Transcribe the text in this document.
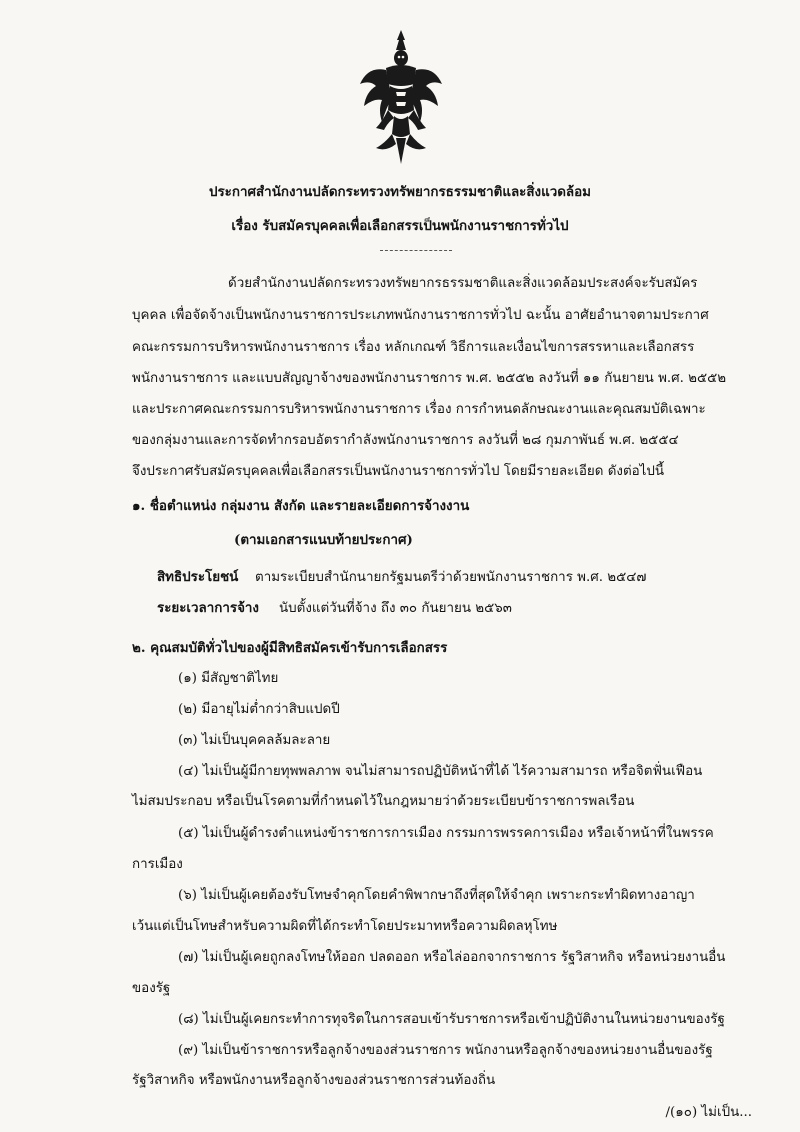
ประกาศสำนักงานปลัดกระทรวงทรัพยากรธรรมชาติและสิ่งแวดล้อม
เรื่อง รับสมัครบุคคลเพื่อเลือกสรรเป็นพนักงานราชการทั่วไป
ด้วยสำนักงานปลัดกระทรวงทรัพยากรธรรมชาติและสิ่งแวดล้อมประสงค์จะรับสมัคร
บุคคล เพื่อจัดจ้างเป็นพนักงานราชการประเภทพนักงานราชการทั่วไป ฉะนั้น อาศัยอำนาจตามประกาศ
คณะกรรมการบริหารพนักงานราชการ เรื่อง หลักเกณฑ์ วิธีการและเงื่อนไขการสรรหาและเลือกสรร
พนักงานราชการ และแบบสัญญาจ้างของพนักงานราชการ พ.ศ. ๒๕๕๒ ลงวันที่ ๑๑ กันยายน พ.ศ. ๒๕๕๒
และประกาศคณะกรรมการบริหารพนักงานราชการ เรื่อง การกำหนดลักษณะงานและคุณสมบัติเฉพาะ
ของกลุ่มงานและการจัดทำกรอบอัตรากำลังพนักงานราชการ ลงวันที่ ๒๘ กุมภาพันธ์ พ.ศ. ๒๕๕๔
จึงประกาศรับสมัครบุคคลเพื่อเลือกสรรเป็นพนักงานราชการทั่วไป โดยมีรายละเอียด ดังต่อไปนี้
๑. ชื่อตำแหน่ง กลุ่มงาน สังกัด และรายละเอียดการจ้างงาน
(ตามเอกสารแนบท้ายประกาศ)
สิทธิประโยชน์ ตามระเบียบสำนักนายกรัฐมนตรีว่าด้วยพนักงานราชการ พ.ศ. ๒๕๔๗
ระยะเวลาการจ้าง นับตั้งแต่วันที่จ้าง ถึง ๓๐ กันยายน ๒๕๖๓
๒. คุณสมบัติทั่วไปของผู้มีสิทธิสมัครเข้ารับการเลือกสรร
(๑) มีสัญชาติไทย
(๒) มีอายุไม่ต่ำกว่าสิบแปดปี
(๓) ไม่เป็นบุคคลล้มละลาย
(๔) ไม่เป็นผู้มีกายทุพพลภาพ จนไม่สามารถปฏิบัติหน้าที่ได้ ไร้ความสามารถ หรือจิตฟั่นเฟือน
ไม่สมประกอบ หรือเป็นโรคตามที่กำหนดไว้ในกฎหมายว่าด้วยระเบียบข้าราชการพลเรือน
(๕) ไม่เป็นผู้ดำรงตำแหน่งข้าราชการการเมือง กรรมการพรรคการเมือง หรือเจ้าหน้าที่ในพรรค
การเมือง
(๖) ไม่เป็นผู้เคยต้องรับโทษจำคุกโดยคำพิพากษาถึงที่สุดให้จำคุก เพราะกระทำผิดทางอาญา
เว้นแต่เป็นโทษสำหรับความผิดที่ได้กระทำโดยประมาทหรือความผิดลหุโทษ
(๗) ไม่เป็นผู้เคยถูกลงโทษให้ออก ปลดออก หรือไล่ออกจากราชการ รัฐวิสาหกิจ หรือหน่วยงานอื่น
ของรัฐ
(๘) ไม่เป็นผู้เคยกระทำการทุจริตในการสอบเข้ารับราชการหรือเข้าปฏิบัติงานในหน่วยงานของรัฐ
(๙) ไม่เป็นข้าราชการหรือลูกจ้างของส่วนราชการ พนักงานหรือลูกจ้างของหน่วยงานอื่นของรัฐ
รัฐวิสาหกิจ หรือพนักงานหรือลูกจ้างของส่วนราชการส่วนท้องถิ่น
/(๑๐) ไม่เป็น...
